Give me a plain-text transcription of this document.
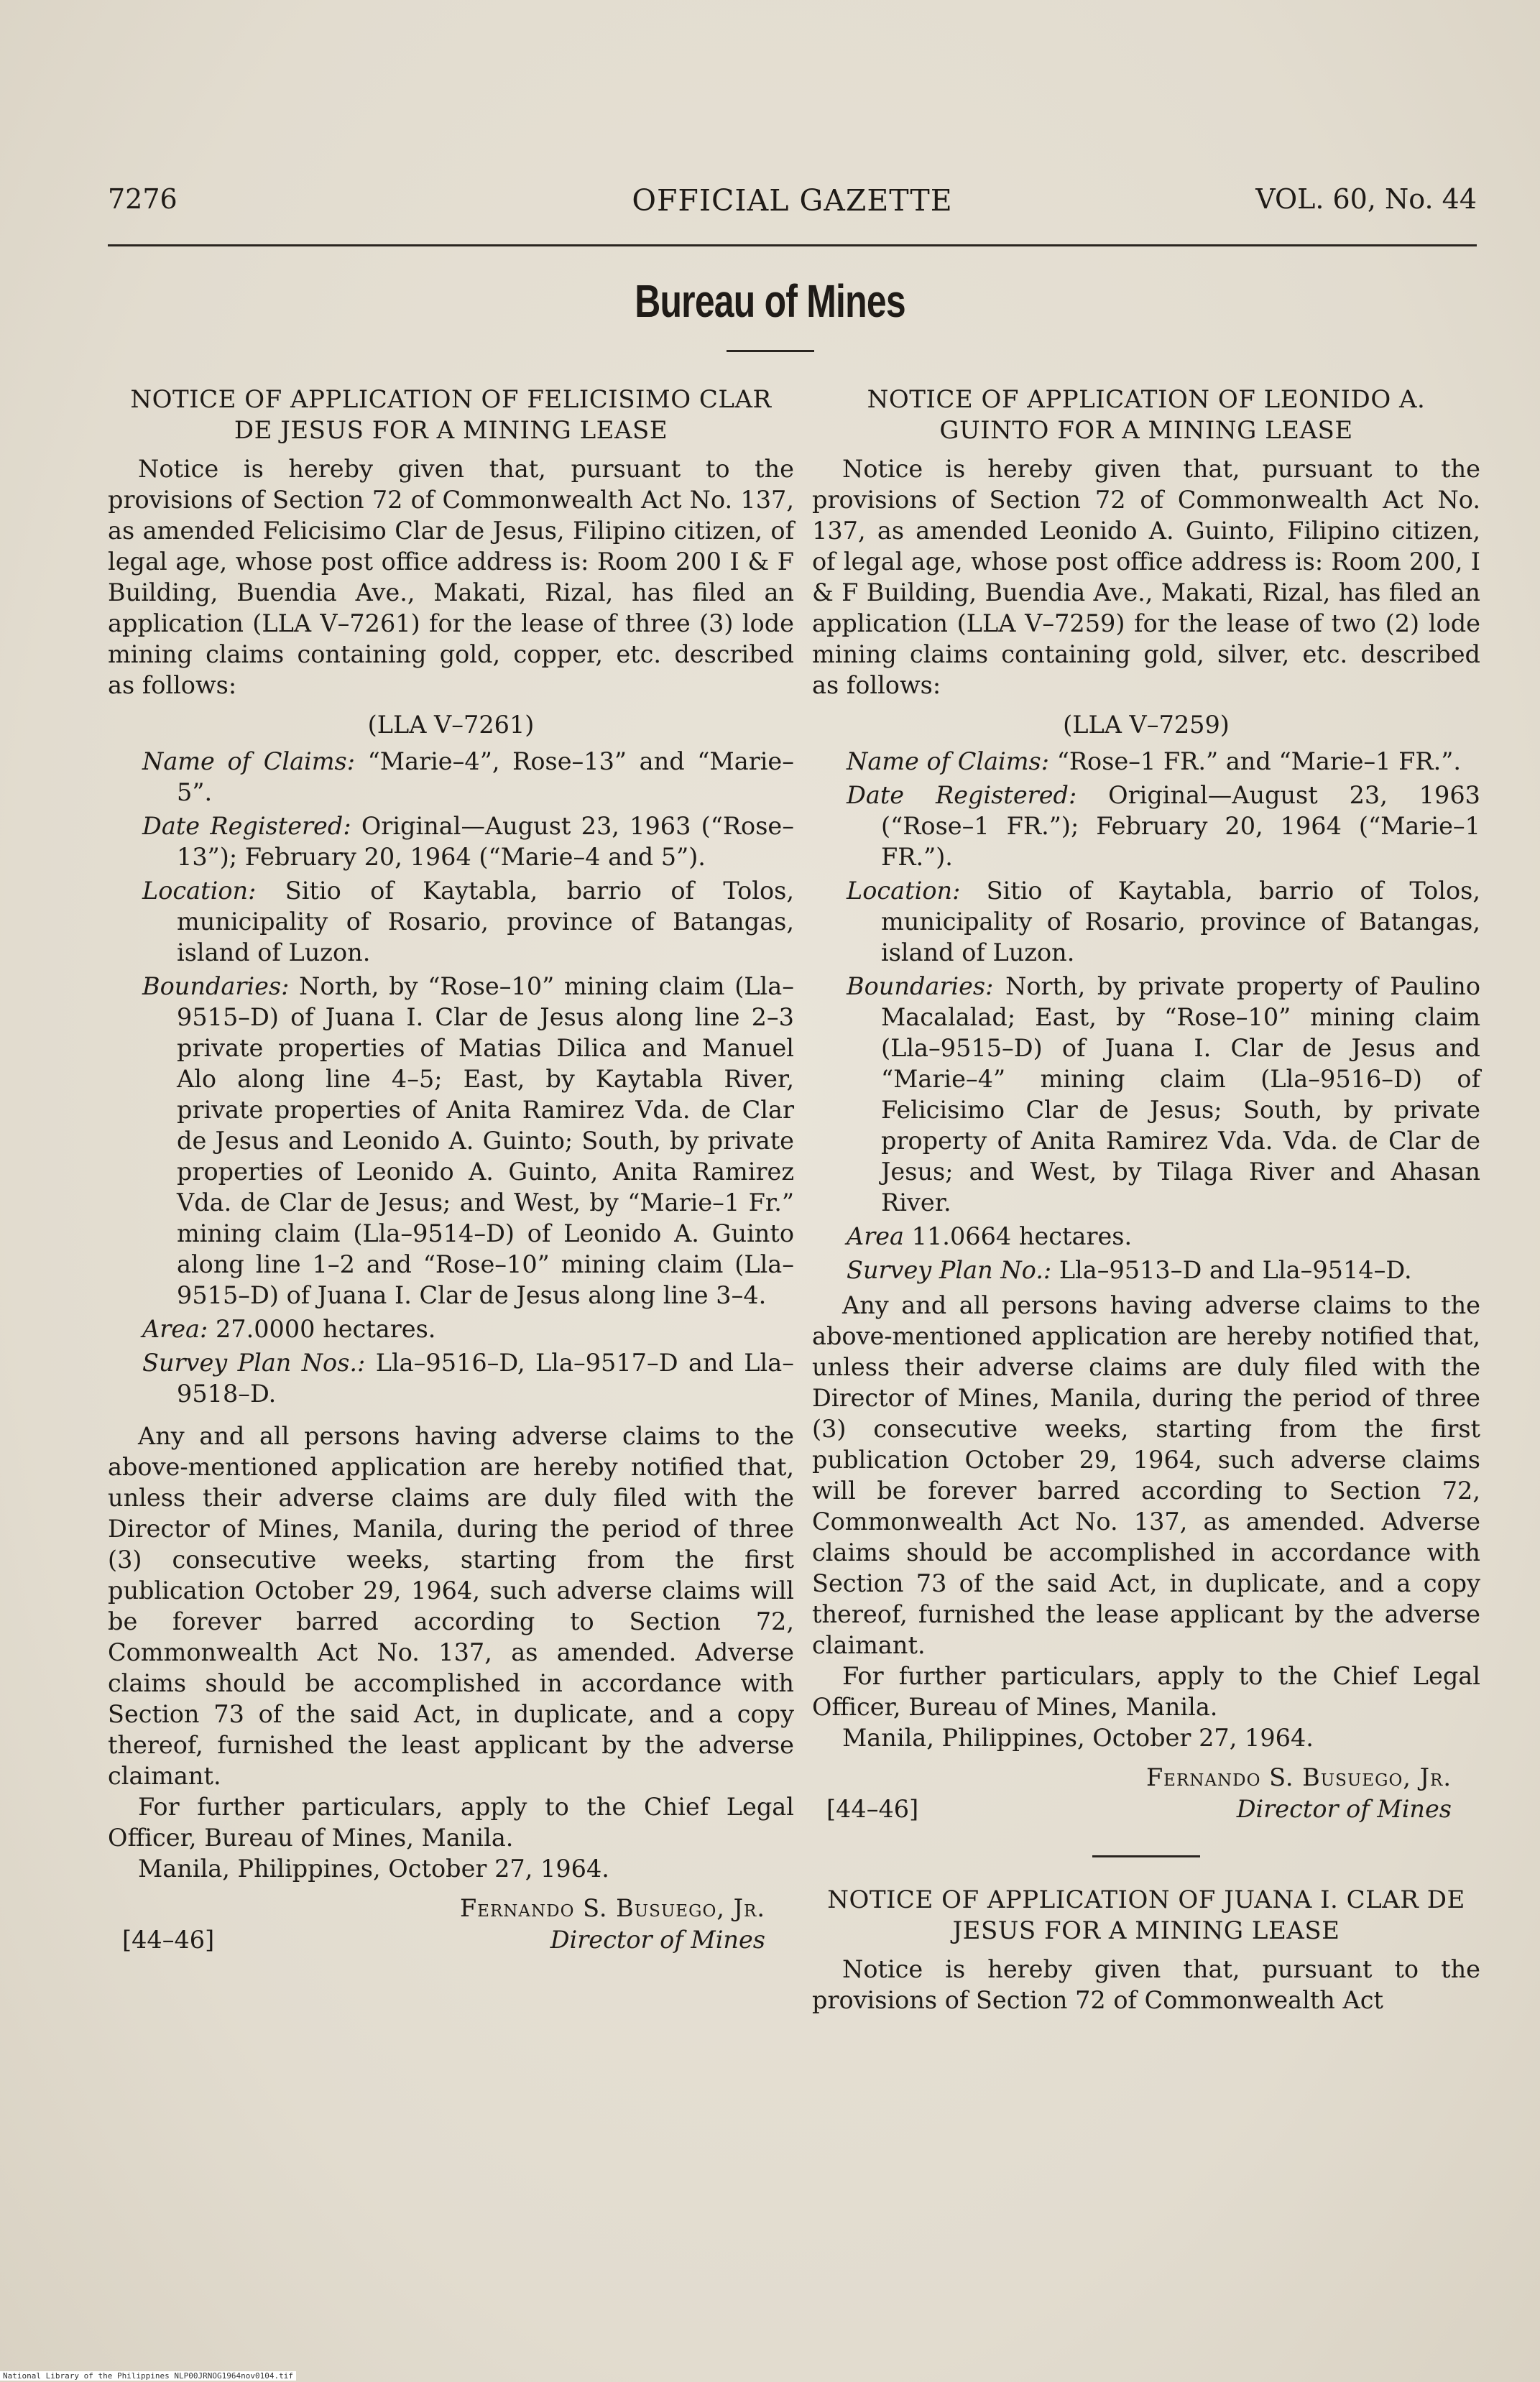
7276	OFFICIAL GAZETTE	VOL. 60, No. 44
Bureau of Mines

NOTICE OF APPLICATION OF FELICISIMO CLAR DE JESUS FOR A MINING LEASE

Notice is hereby given that, pursuant to the provisions of Section 72 of Commonwealth Act No. 137, as amended Felicisimo Clar de Jesus, Filipino citizen, of legal age, whose post office address is: Room 200 I & F Building, Buendia Ave., Makati, Rizal, has filed an application (LLA V–7261) for the lease of three (3) lode mining claims containing gold, copper, etc. described as follows:

(LLA V–7261)

Name of Claims: “Marie–4”, Rose–13” and “Marie–5”.

Date Registered: Original—August 23, 1963 (“Rose–13”); February 20, 1964 (“Marie–4 and 5”).

Location: Sitio of Kaytabla, barrio of Tolos, municipality of Rosario, province of Batangas, island of Luzon.

Boundaries: North, by “Rose–10” mining claim (Lla–9515–D) of Juana I. Clar de Jesus along line 2–3 private properties of Matias Dilica and Manuel Alo along line 4–5; East, by Kaytabla River, private properties of Anita Ramirez Vda. de Clar de Jesus and Leonido A. Guinto; South, by private properties of Leonido A. Guinto, Anita Ramirez Vda. de Clar de Jesus; and West, by “Marie–1 Fr.” mining claim (Lla–9514–D) of Leonido A. Guinto along line 1–2 and “Rose–10” mining claim (Lla–9515–D) of Juana I. Clar de Jesus along line 3–4.

Area: 27.0000 hectares.

Survey Plan Nos.: Lla–9516–D, Lla–9517–D and Lla–9518–D.

Any and all persons having adverse claims to the above-mentioned application are hereby notified that, unless their adverse claims are duly filed with the Director of Mines, Manila, during the period of three (3) consecutive weeks, starting from the first publication October 29, 1964, such adverse claims will be forever barred according to Section 72, Commonwealth Act No. 137, as amended. Adverse claims should be accomplished in accordance with Section 73 of the said Act, in duplicate, and a copy thereof, furnished the least applicant by the adverse claimant.

For further particulars, apply to the Chief Legal Officer, Bureau of Mines, Manila.

Manila, Philippines, October 27, 1964.

[44–46]
Fernando S. Busuego, Jr.
Director of Mines

NOTICE OF APPLICATION OF LEONIDO A. GUINTO FOR A MINING LEASE

Notice is hereby given that, pursuant to the provisions of Section 72 of Commonwealth Act No. 137, as amended Leonido A. Guinto, Filipino citizen, of legal age, whose post office address is: Room 200, I & F Building, Buendia Ave., Makati, Rizal, has filed an application (LLA V–7259) for the lease of two (2) lode mining claims containing gold, silver, etc. described as follows:

(LLA V–7259)

Name of Claims: “Rose–1 FR.” and “Marie–1 FR.”.

Date Registered: Original—August 23, 1963 (“Rose–1 FR.”); February 20, 1964 (“Marie–1 FR.”).

Location: Sitio of Kaytabla, barrio of Tolos, municipality of Rosario, province of Batangas, island of Luzon.

Boundaries: North, by private property of Paulino Macalalad; East, by “Rose–10” mining claim (Lla–9515–D) of Juana I. Clar de Jesus and “Marie–4” mining claim (Lla–9516–D) of Felicisimo Clar de Jesus; South, by private property of Anita Ramirez Vda. Vda. de Clar de Jesus; and West, by Tilaga River and Ahasan River.

Area 11.0664 hectares.

Survey Plan No.: Lla–9513–D and Lla–9514–D.

Any and all persons having adverse claims to the above-mentioned application are hereby notified that, unless their adverse claims are duly filed with the Director of Mines, Manila, during the period of three (3) consecutive weeks, starting from the first publication October 29, 1964, such adverse claims will be forever barred according to Section 72, Commonwealth Act No. 137, as amended. Adverse claims should be accomplished in accordance with Section 73 of the said Act, in duplicate, and a copy thereof, furnished the lease applicant by the adverse claimant.

For further particulars, apply to the Chief Legal Officer, Bureau of Mines, Manila.

Manila, Philippines, October 27, 1964.

[44–46]
Fernando S. Busuego, Jr.
Director of Mines

NOTICE OF APPLICATION OF JUANA I. CLAR DE JESUS FOR A MINING LEASE

Notice is hereby given that, pursuant to the provisions of Section 72 of Commonwealth Act

National Library of the Philippines NLP00JRNOG1964nov0104.tif
